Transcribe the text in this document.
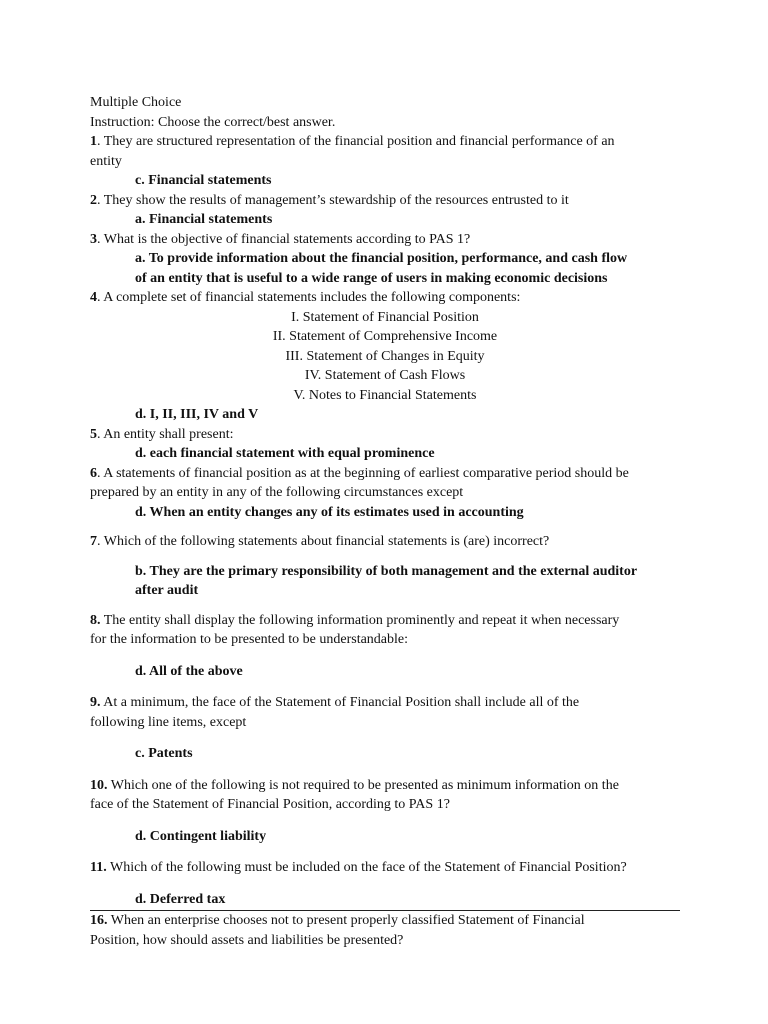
Multiple Choice
Instruction: Choose the correct/best answer.
1. They are structured representation of the financial position and financial performance of an
entity
c. Financial statements
2. They show the results of management’s stewardship of the resources entrusted to it
a. Financial statements
3. What is the objective of financial statements according to PAS 1?
a. To provide information about the financial position, performance, and cash flow
of an entity that is useful to a wide range of users in making economic decisions
4. A complete set of financial statements includes the following components:
I. Statement of Financial Position
II. Statement of Comprehensive Income
III. Statement of Changes in Equity
IV. Statement of Cash Flows
V. Notes to Financial Statements
d. I, II, III, IV and V
5. An entity shall present:
d. each financial statement with equal prominence
6. A statements of financial position as at the beginning of earliest comparative period should be
prepared by an entity in any of the following circumstances except
d. When an entity changes any of its estimates used in accounting
7. Which of the following statements about financial statements is (are) incorrect?
b. They are the primary responsibility of both management and the external auditor
after audit
8. The entity shall display the following information prominently and repeat it when necessary
for the information to be presented to be understandable:
d. All of the above
9. At a minimum, the face of the Statement of Financial Position shall include all of the
following line items, except
c. Patents
10. Which one of the following is not required to be presented as minimum information on the
face of the Statement of Financial Position, according to PAS 1?
d. Contingent liability
11. Which of the following must be included on the face of the Statement of Financial Position?
d. Deferred tax
16. When an enterprise chooses not to present properly classified Statement of Financial
Position, how should assets and liabilities be presented?
